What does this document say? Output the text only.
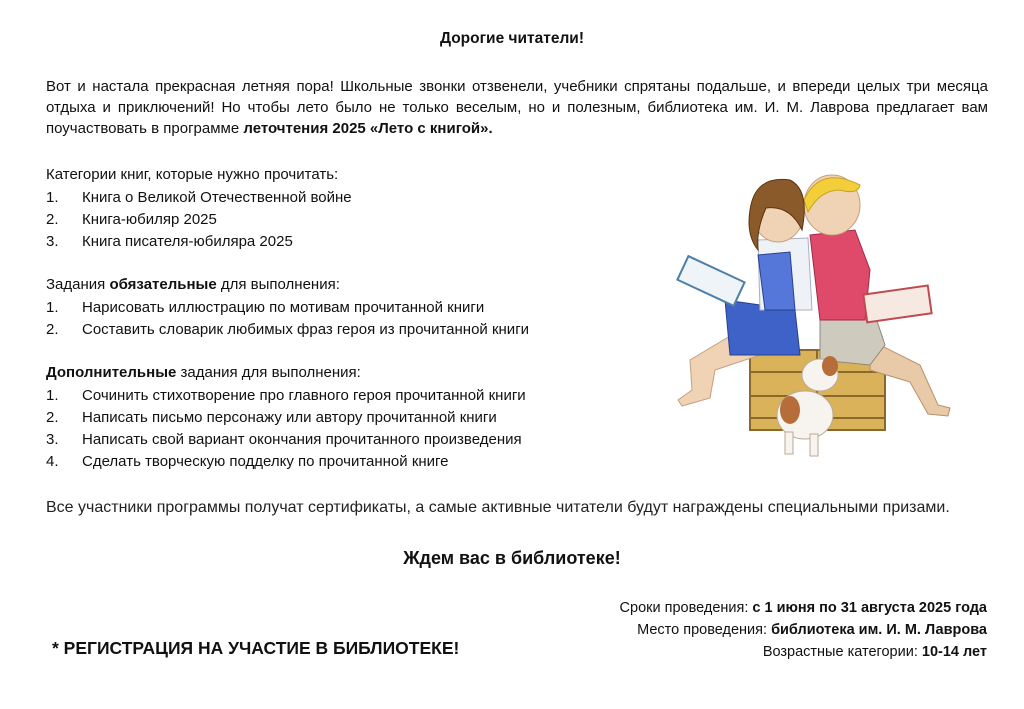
Дорогие читатели!
Вот и настала прекрасная летняя пора! Школьные звонки отзвенели, учебники спрятаны подальше, и впереди целых три месяца отдыха и приключений! Но чтобы лето было не только веселым, но и полезным, библиотека им. И. М. Лаврова предлагает вам поучаствовать в программе леточтения 2025 «Лето с книгой».
Категории книг, которые нужно прочитать:
1.	Книга о Великой Отечественной войне
2.	Книга-юбиляр 2025
3.	Книга писателя-юбиляра 2025
Задания обязательные для выполнения:
1.	Нарисовать иллюстрацию по мотивам прочитанной книги
2.	Составить словарик любимых фраз героя из прочитанной книги
Дополнительные задания для выполнения:
1.	Сочинить стихотворение про главного героя прочитанной книги
2.	Написать письмо персонажу или автору прочитанной книги
3.	Написать свой вариант окончания прочитанного произведения
4.	Сделать творческую подделку по прочитанной книге
Все участники программы получат сертификаты, а самые активные читатели будут награждены специальными призами.
Ждем вас в библиотеке!
Сроки проведения: с 1 июня по 31 августа 2025 года
Место проведения: библиотека им. И. М. Лаврова
Возрастные категории: 10-14 лет
* РЕГИСТРАЦИЯ НА УЧАСТИЕ В БИБЛИОТЕКЕ!
